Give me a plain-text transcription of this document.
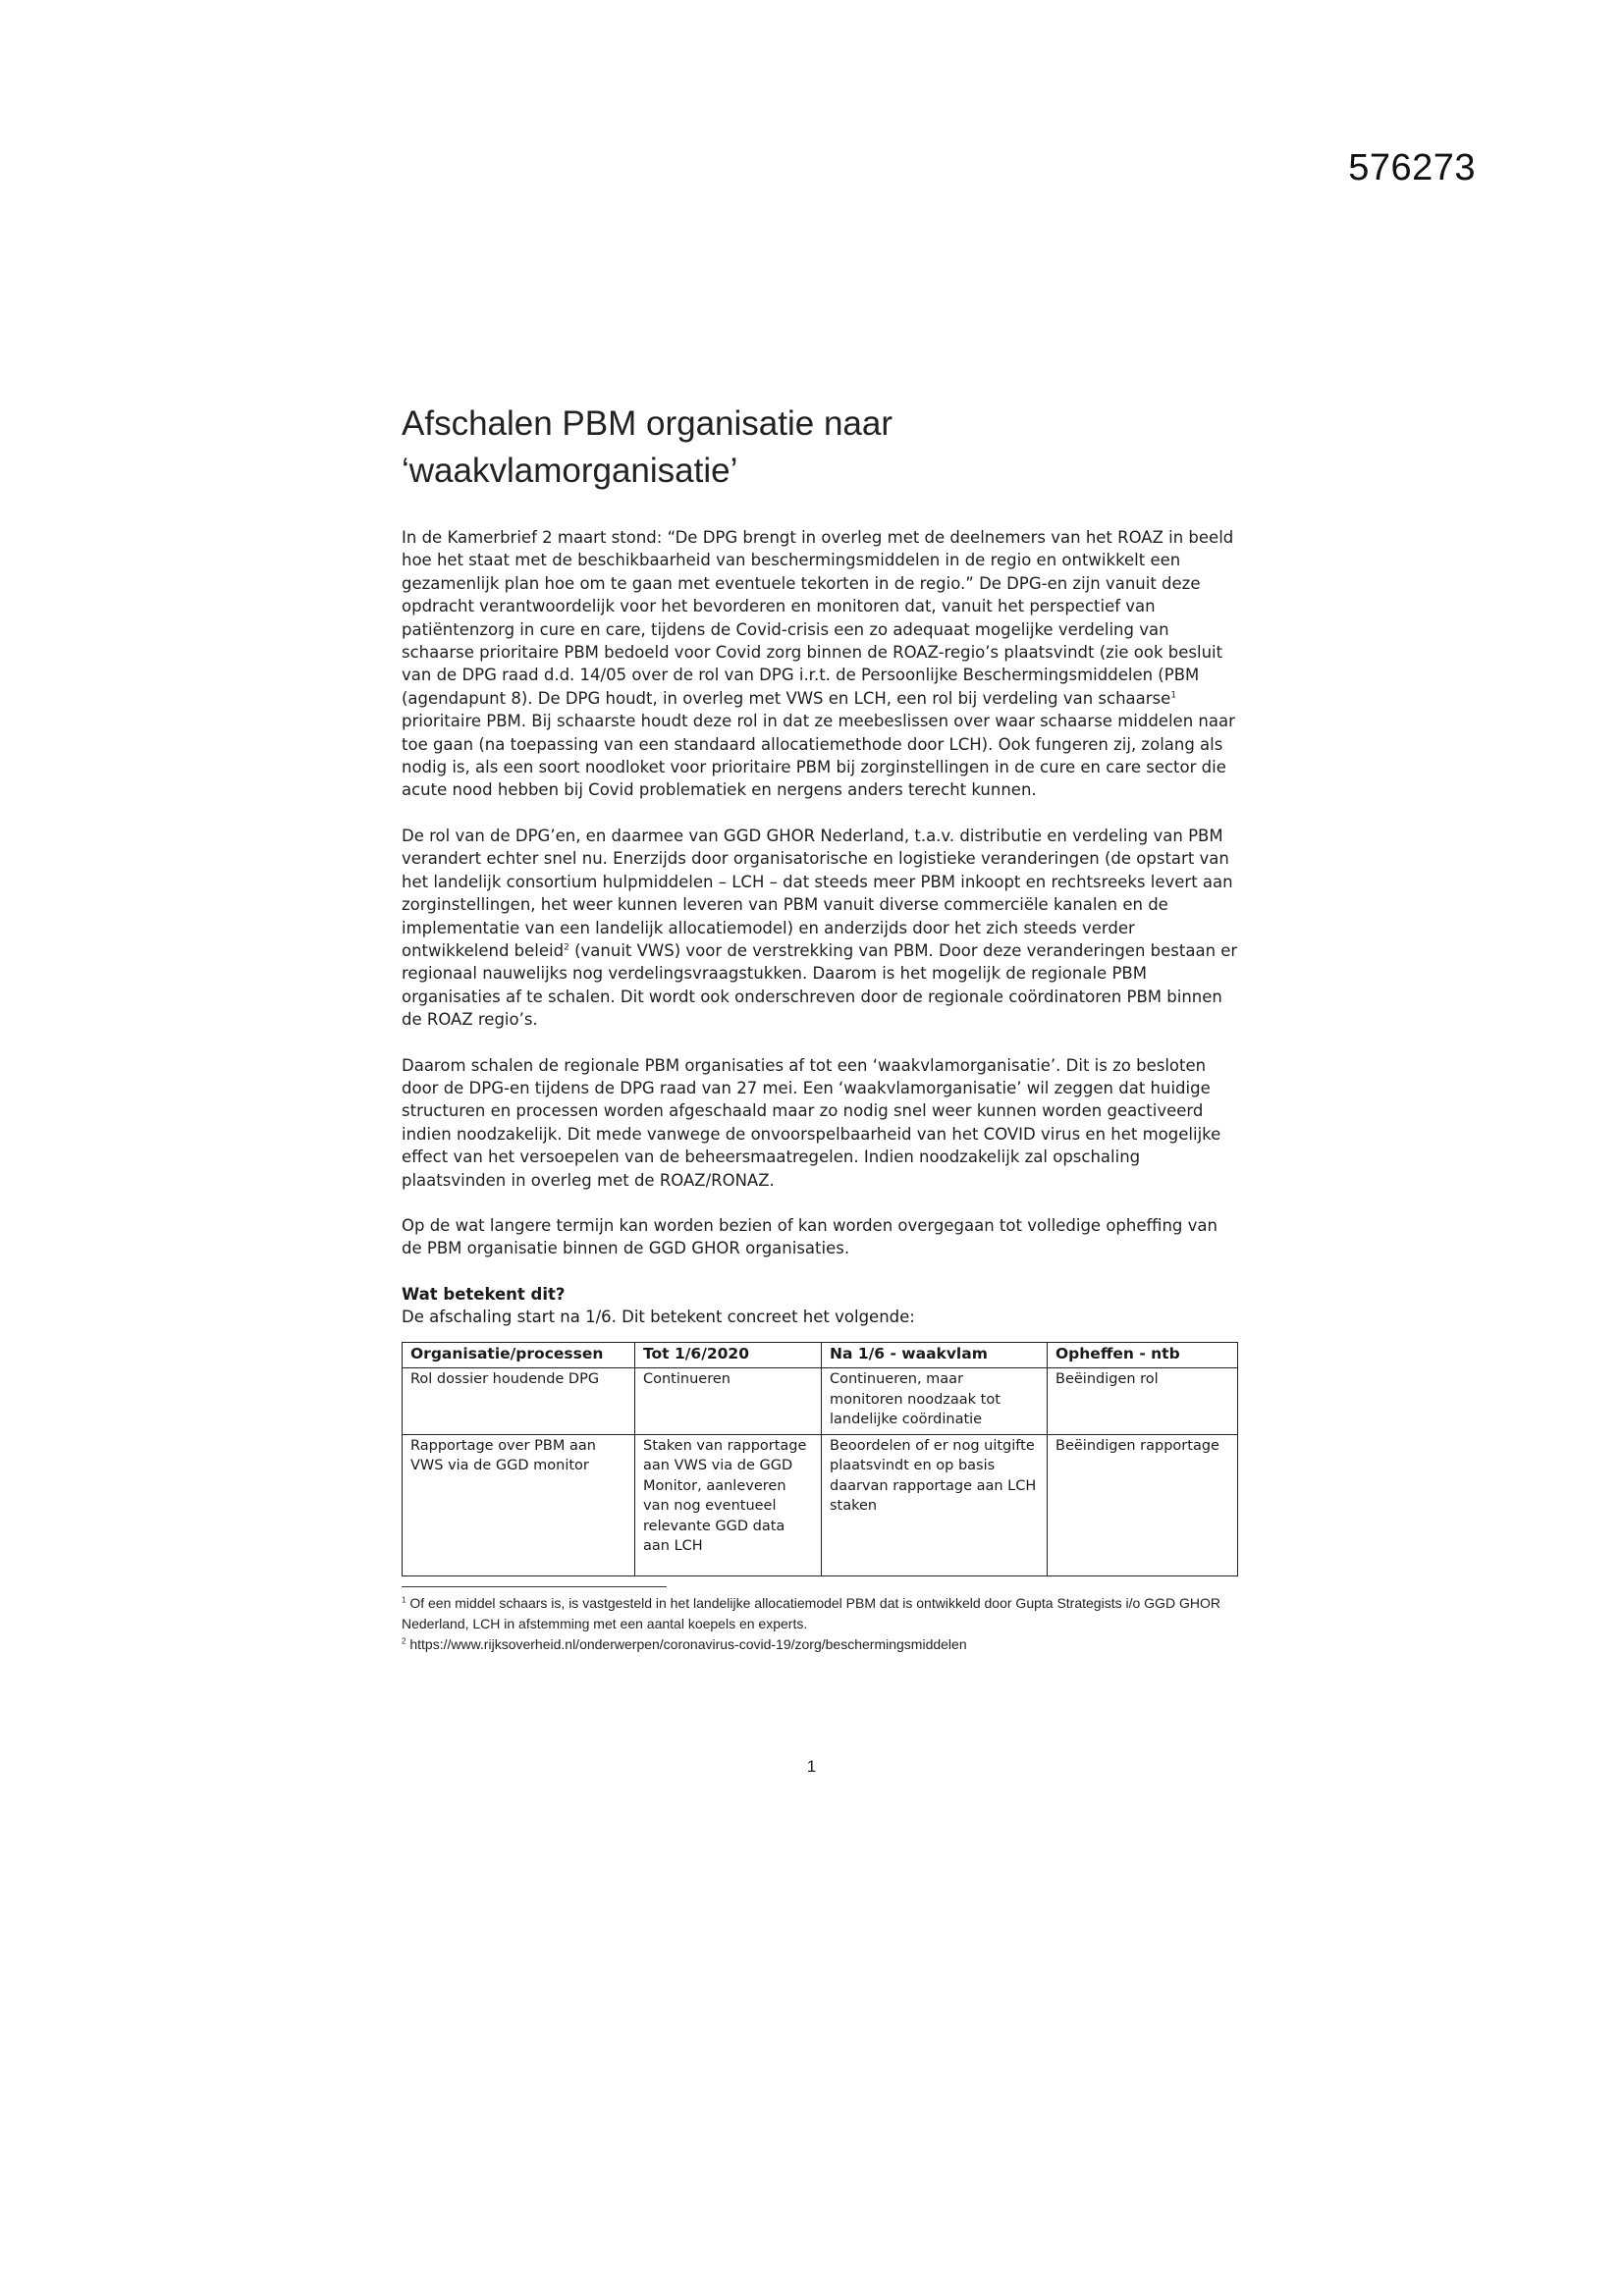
576273
Afschalen PBM organisatie naar
‘waakvlamorganisatie’

In de Kamerbrief 2 maart stond: “De DPG brengt in overleg met de deelnemers van het ROAZ in beeld hoe het staat met de beschikbaarheid van beschermingsmiddelen in de regio en ontwikkelt een gezamenlijk plan hoe om te gaan met eventuele tekorten in de regio.” De DPG-en zijn vanuit deze opdracht verantwoordelijk voor het bevorderen en monitoren dat, vanuit het perspectief van patiëntenzorg in cure en care, tijdens de Covid-crisis een zo adequaat mogelijke verdeling van schaarse prioritaire PBM bedoeld voor Covid zorg binnen de ROAZ-regio’s plaatsvindt (zie ook besluit van de DPG raad d.d. 14/05 over de rol van DPG i.r.t. de Persoonlijke Beschermingsmiddelen (PBM (agendapunt 8). De DPG houdt, in overleg met VWS en LCH, een rol bij verdeling van schaarse$^1$ prioritaire PBM. Bij schaarste houdt deze rol in dat ze meebeslissen over waar schaarse middelen naar toe gaan (na toepassing van een standaard allocatiemethode door LCH). Ook fungeren zij, zolang als nodig is, als een soort noodloket voor prioritaire PBM bij zorginstellingen in de cure en care sector die acute nood hebben bij Covid problematiek en nergens anders terecht kunnen.

De rol van de DPG’en, en daarmee van GGD GHOR Nederland, t.a.v. distributie en verdeling van PBM verandert echter snel nu. Enerzijds door organisatorische en logistieke veranderingen (de opstart van het landelijk consortium hulpmiddelen – LCH – dat steeds meer PBM inkoopt en rechtsreeks levert aan zorginstellingen, het weer kunnen leveren van PBM vanuit diverse commerciële kanalen en de implementatie van een landelijk allocatiemodel) en anderzijds door het zich steeds verder ontwikkelend beleid$^2$ (vanuit VWS) voor de verstrekking van PBM. Door deze veranderingen bestaan er regionaal nauwelijks nog verdelingsvraagstukken. Daarom is het mogelijk de regionale PBM organisaties af te schalen. Dit wordt ook onderschreven door de regionale coördinatoren PBM binnen de ROAZ regio’s.

Daarom schalen de regionale PBM organisaties af tot een ‘waakvlamorganisatie’. Dit is zo besloten door de DPG-en tijdens de DPG raad van 27 mei. Een ‘waakvlamorganisatie’ wil zeggen dat huidige structuren en processen worden afgeschaald maar zo nodig snel weer kunnen worden geactiveerd indien noodzakelijk. Dit mede vanwege de onvoorspelbaarheid van het COVID virus en het mogelijke effect van het versoepelen van de beheersmaatregelen. Indien noodzakelijk zal opschaling plaatsvinden in overleg met de ROAZ/RONAZ.

Op de wat langere termijn kan worden bezien of kan worden overgegaan tot volledige opheffing van de PBM organisatie binnen de GGD GHOR organisaties.

Wat betekent dit?

De afschaling start na 1/6. Dit betekent concreet het volgende:

Organisatie/processen	Tot 1/6/2020	Na 1/6 - waakvlam	Opheffen - ntb
Rol dossier houdende DPG	Continueren	Continueren, maar monitoren noodzaak tot landelijke coördinatie	Beëindigen rol
Rapportage over PBM aan VWS via de GGD monitor	Staken van rapportage aan VWS via de GGD Monitor, aanleveren van nog eventueel relevante GGD data aan LCH	Beoordelen of er nog uitgifte plaatsvindt en op basis daarvan rapportage aan LCH staken	Beëindigen rapportage

$^1$ Of een middel schaars is, is vastgesteld in het landelijke allocatiemodel PBM dat is ontwikkeld door Gupta Strategists i/o GGD GHOR Nederland, LCH in afstemming met een aantal koepels en experts.

$^2$ https://www.rijksoverheid.nl/onderwerpen/coronavirus-covid-19/zorg/beschermingsmiddelen

1
